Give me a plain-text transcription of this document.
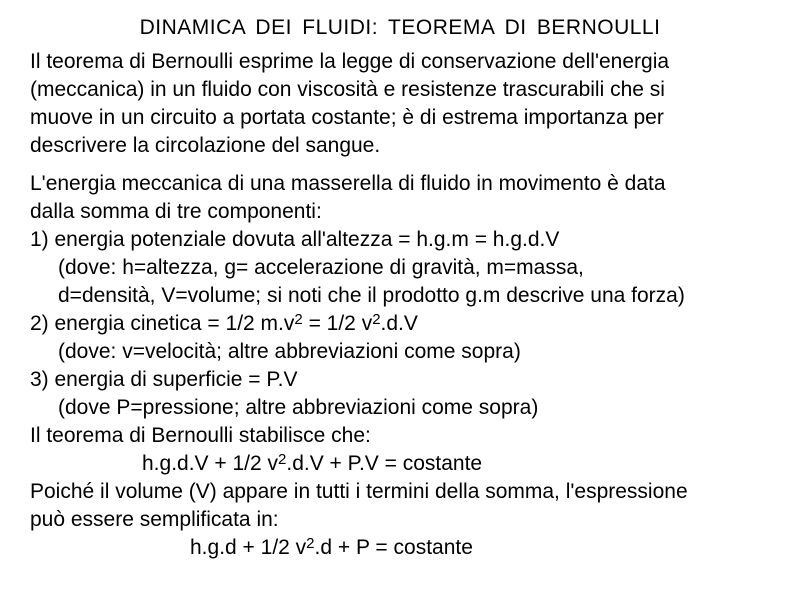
DINAMICA DEI FLUIDI: TEOREMA DI BERNOULLI
Il teorema di Bernoulli esprime la legge di conservazione dell'energia
(meccanica) in un fluido con viscosità e resistenze trascurabili che si
muove in un circuito a portata costante; è di estrema importanza per
descrivere la circolazione del sangue.
L'energia meccanica di una masserella di fluido in movimento è data
dalla somma di tre componenti:
1) energia potenziale dovuta all'altezza = h.g.m = h.g.d.V
(dove: h=altezza, g= accelerazione di gravità, m=massa,
d=densità, V=volume; si noti che il prodotto g.m descrive una forza)
2) energia cinetica = 1/2 $m.v^2 = 1/2$ $v^2.d.V$
(dove: v=velocità; altre abbreviazioni come sopra)
3) energia di superficie = P.V
(dove P=pressione; altre abbreviazioni come sopra)
Il teorema di Bernoulli stabilisce che:
h.g.d.V + 1/2 $v^2.d.V + P.V$ = costante
Poiché il volume (V) appare in tutti i termini della somma, l'espressione
può essere semplificata in:
h.g.d + 1/2 $v^2.d + P$ = costante
